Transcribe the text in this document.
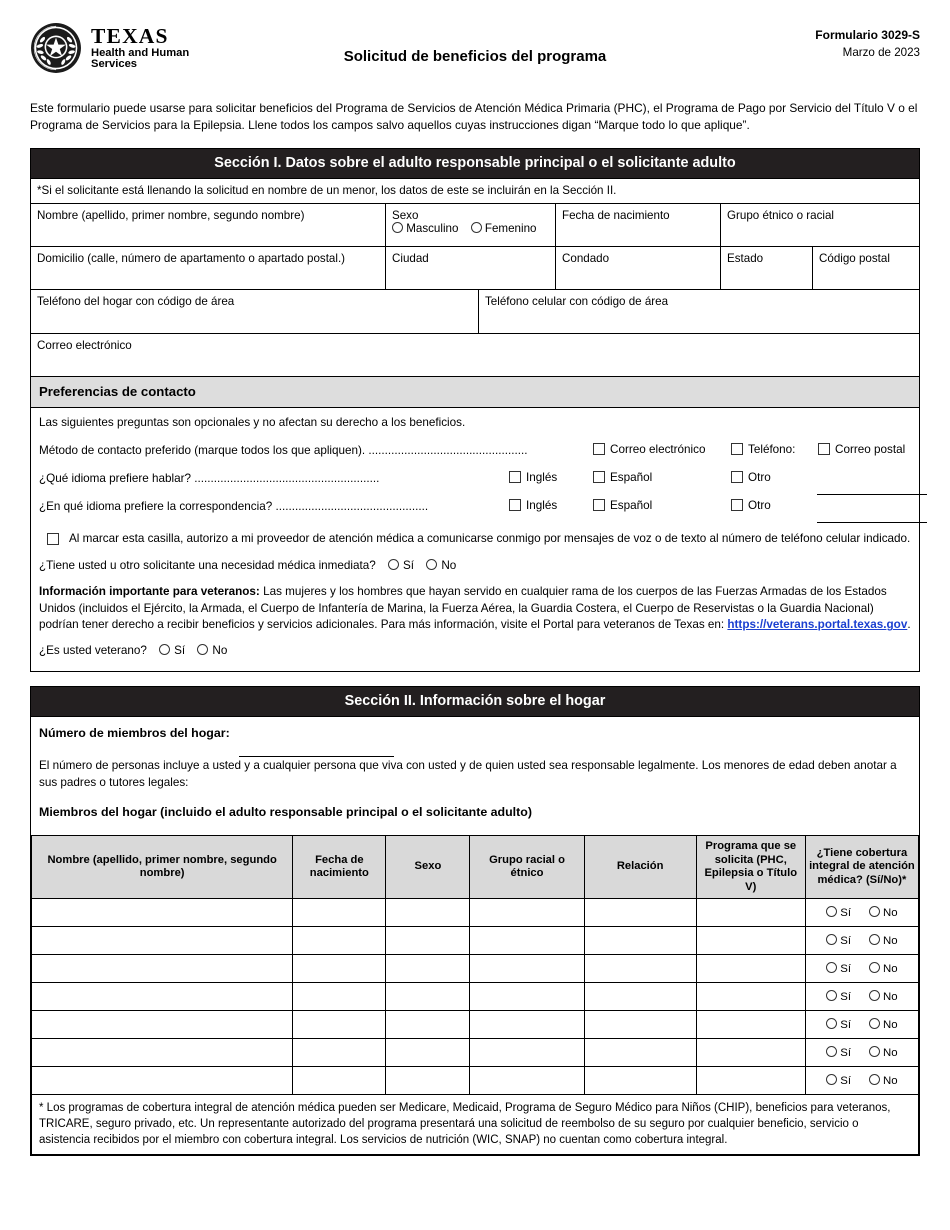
TEXAS
Health and Human
Services	Solicitud de beneficios del programa
Formulario 3029-S
Marzo de 2023
Este formulario puede usarse para solicitar beneficios del Programa de Servicios de Atención Médica Primaria (PHC), el Programa de Pago por Servicio del Título V o el Programa de Servicios para la Epilepsia. Llene todos los campos salvo aquellos cuyas instrucciones digan “Marque todo lo que aplique”.
Sección I. Datos sobre el adulto responsable principal o el solicitante adulto
*Si el solicitante está llenando la solicitud en nombre de un menor, los datos de este se incluirán en la Sección II.
Nombre (apellido, primer nombre, segundo nombre)	Sexo
Masculino Femenino
Fecha de nacimiento	Grupo étnico o racial
Domicilio (calle, número de apartamento o apartado postal.)	Ciudad	Condado	Estado	Código postal
Teléfono del hogar con código de área	Teléfono celular con código de área
Correo electrónico
Preferencias de contacto
Las siguientes preguntas son opcionales y no afectan su derecho a los beneficios.
Método de contacto preferido (marque todos los que apliquen). .................................................	Correo electrónico	Teléfono:	Correo postal
¿Qué idioma prefiere hablar? .........................................................	Inglés	Español	Otro
¿En qué idioma prefiere la correspondencia? ...............................................	Inglés	Español	Otro
Al marcar esta casilla, autorizo a mi proveedor de atención médica a comunicarse conmigo por mensajes de voz o de texto al número de teléfono celular indicado.
¿Tiene usted u otro solicitante una necesidad médica inmediata? Sí No
Información importante para veteranos: Las mujeres y los hombres que hayan servido en cualquier rama de los cuerpos de las Fuerzas Armadas de los Estados Unidos (incluidos el Ejército, la Armada, el Cuerpo de Infantería de Marina, la Fuerza Aérea, la Guardia Costera, el Cuerpo de Reservistas o la Guardia Nacional) podrían tener derecho a recibir beneficios y servicios adicionales. Para más información, visite el Portal para veteranos de Texas en: https://veterans.portal.texas.gov.
¿Es usted veterano? Sí No
Sección II. Información sobre el hogar
Número de miembros del hogar:
El número de personas incluye a usted y a cualquier persona que viva con usted y de quien usted sea responsable legalmente. Los menores de edad deben anotar a sus padres o tutores legales:
Miembros del hogar (incluido el adulto responsable principal o el solicitante adulto)
Nombre (apellido, primer nombre, segundo nombre)	Fecha de nacimiento	Sexo	Grupo racial o étnico	Relación	Programa que se solicita (PHC, Epilepsia o Título V)	¿Tiene cobertura integral de atención médica? (Sí/No)*
						Sí No
						Sí No
						Sí No
						Sí No
						Sí No
						Sí No
						Sí No
* Los programas de cobertura integral de atención médica pueden ser Medicare, Medicaid, Programa de Seguro Médico para Niños (CHIP), beneficios para veteranos, TRICARE, seguro privado, etc. Un representante autorizado del programa presentará una solicitud de reembolso de su seguro por cualquier beneficio, servicio o asistencia recibidos por el miembro con cobertura integral. Los servicios de nutrición (WIC, SNAP) no cuentan como cobertura integral.
